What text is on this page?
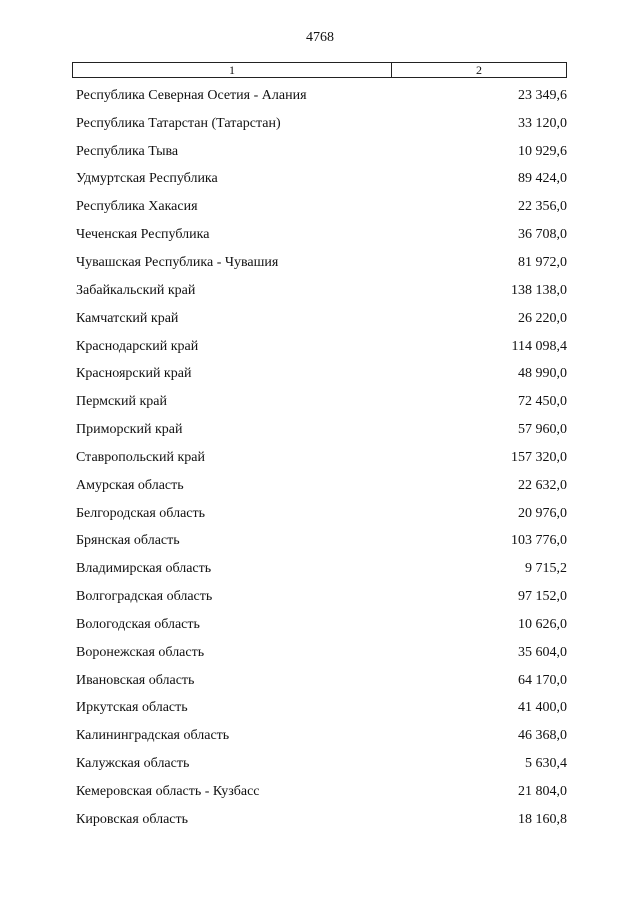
4768
1	2
Республика Северная Осетия - Алания	23 349,6
Республика Татарстан (Татарстан)	33 120,0
Республика Тыва	10 929,6
Удмуртская Республика	89 424,0
Республика Хакасия	22 356,0
Чеченская Республика	36 708,0
Чувашская Республика - Чувашия	81 972,0
Забайкальский край	138 138,0
Камчатский край	26 220,0
Краснодарский край	114 098,4
Красноярский край	48 990,0
Пермский край	72 450,0
Приморский край	57 960,0
Ставропольский край	157 320,0
Амурская область	22 632,0
Белгородская область	20 976,0
Брянская область	103 776,0
Владимирская область	9 715,2
Волгоградская область	97 152,0
Вологодская область	10 626,0
Воронежская область	35 604,0
Ивановская область	64 170,0
Иркутская область	41 400,0
Калининградская область	46 368,0
Калужская область	5 630,4
Кемеровская область - Кузбасс	21 804,0
Кировская область	18 160,8
